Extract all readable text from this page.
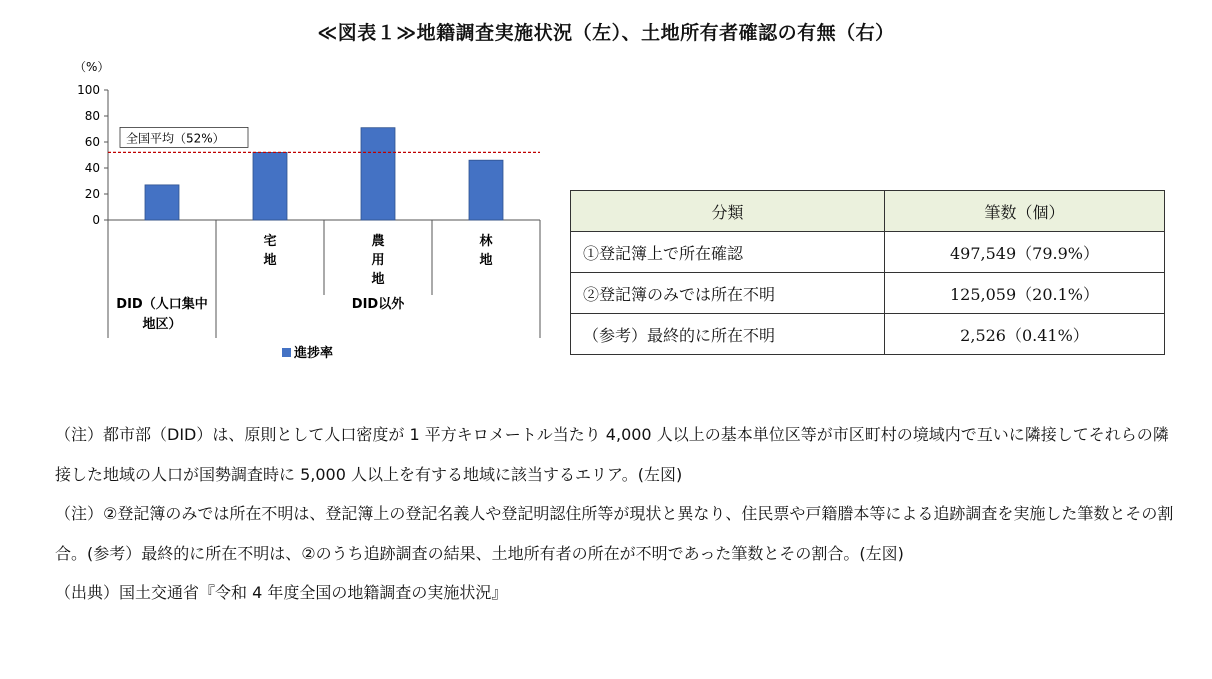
≪図表１≫地籍調査実施状況（左）、土地所有者確認の有無（右）
（%）
0
20
40
60
80
100
宅
地
農
用
地
林
地
DID（人口集中
地区）
DID以外
全国平均（52%）
進捗率
分類	筆数（個）
①登記簿上で所在確認	497,549（79.9%）
②登記簿のみでは所在不明	125,059（20.1%）
（参考）最終的に所在不明	2,526（0.41%）

（注）都市部（DID）は、原則として人口密度が 1 平方キロメートル当たり 4,000 人以上の基本単位区等が市区町村の境域内で互いに隣接してそれらの隣接した地域の人口が国勢調査時に 5,000 人以上を有する地域に該当するエリア。(左図)

（注）②登記簿のみでは所在不明は、登記簿上の登記名義人や登記明認住所等が現状と異なり、住民票や戸籍謄本等による追跡調査を実施した筆数とその割合。(参考）最終的に所在不明は、②のうち追跡調査の結果、土地所有者の所在が不明であった筆数とその割合。(左図)

（出典）国土交通省『令和 4 年度全国の地籍調査の実施状況』
